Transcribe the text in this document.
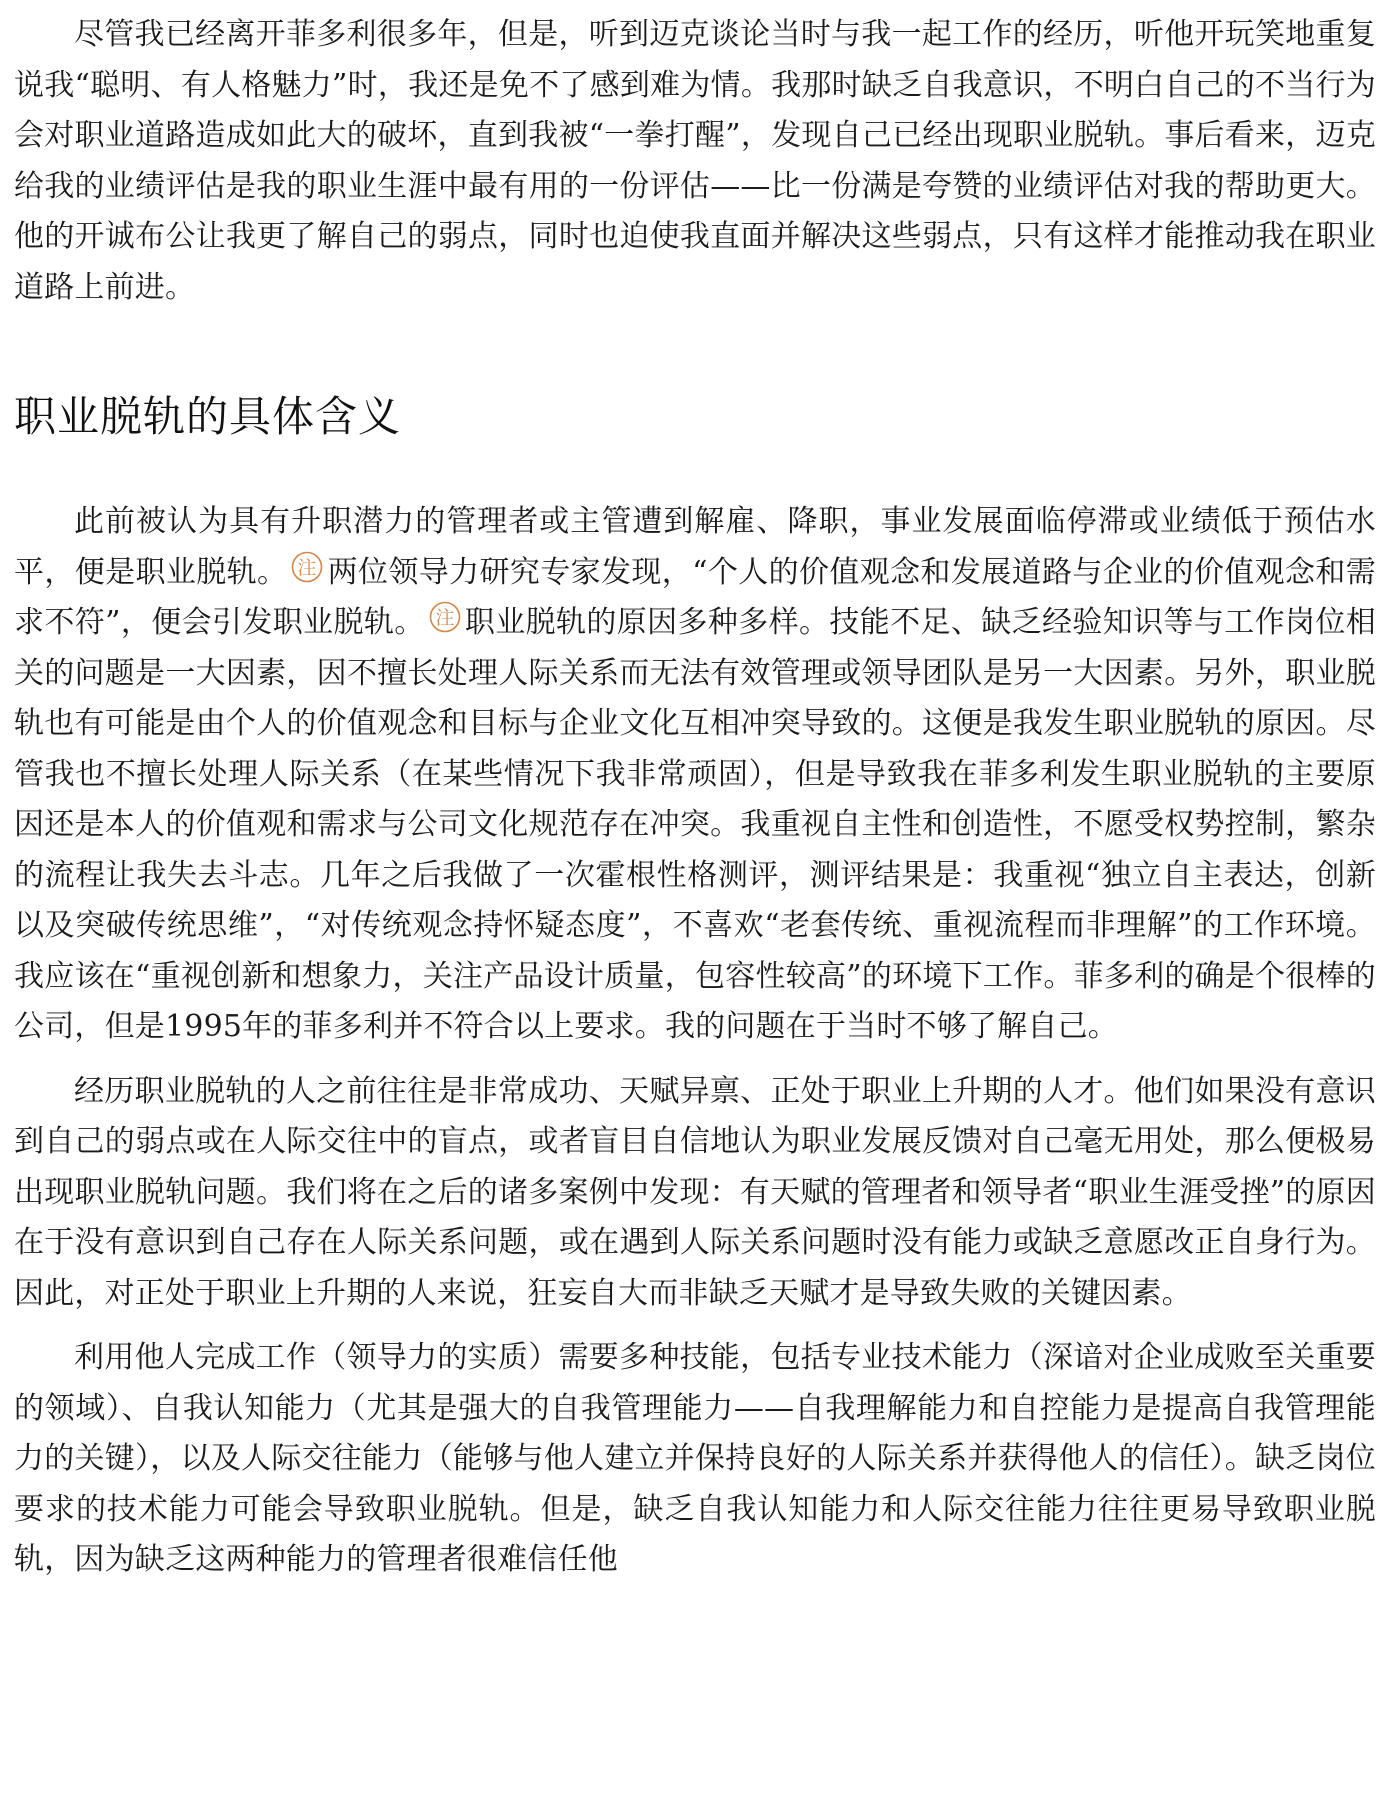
尽管我已经离开菲多利很多年，但是，听到迈克谈论当时与我一起工作的经历，听他开玩笑地重复说我“聪明、有人格魅力”时，我还是免不了感到难为情。我那时缺乏自我意识，不明白自己的不当行为会对职业道路造成如此大的破坏，直到我被“一拳打醒”，发现自己已经出现职业脱轨。事后看来，迈克给我的业绩评估是我的职业生涯中最有用的一份评估——比一份满是夸赞的业绩评估对我的帮助更大。他的开诚布公让我更了解自己的弱点，同时也迫使我直面并解决这些弱点，只有这样才能推动我在职业道路上前进。

职业脱轨的具体含义

此前被认为具有升职潜力的管理者或主管遭到解雇、降职，事业发展面临停滞或业绩低于预估水平，便是职业脱轨。 注 两位领导力研究专家发现，“个人的价值观念和发展道路与企业的价值观念和需求不符”，便会引发职业脱轨。 注 职业脱轨的原因多种多样。技能不足、缺乏经验知识等与工作岗位相关的问题是一大因素，因不擅长处理人际关系而无法有效管理或领导团队是另一大因素。另外，职业脱轨也有可能是由个人的价值观念和目标与企业文化互相冲突导致的。这便是我发生职业脱轨的原因。尽管我也不擅长处理人际关系（在某些情况下我非常顽固），但是导致我在菲多利发生职业脱轨的主要原因还是本人的价值观和需求与公司文化规范存在冲突。我重视自主性和创造性，不愿受权势控制，繁杂的流程让我失去斗志。几年之后我做了一次霍根性格测评，测评结果是：我重视“独立自主表达，创新以及突破传统思维”，“对传统观念持怀疑态度”，不喜欢“老套传统、重视流程而非理解”的工作环境。我应该在“重视创新和想象力，关注产品设计质量，包容性较高”的环境下工作。菲多利的确是个很棒的公司，但是1995年的菲多利并不符合以上要求。我的问题在于当时不够了解自己。

经历职业脱轨的人之前往往是非常成功、天赋异禀、正处于职业上升期的人才。他们如果没有意识到自己的弱点或在人际交往中的盲点，或者盲目自信地认为职业发展反馈对自己毫无用处，那么便极易出现职业脱轨问题。我们将在之后的诸多案例中发现：有天赋的管理者和领导者“职业生涯受挫”的原因在于没有意识到自己存在人际关系问题，或在遇到人际关系问题时没有能力或缺乏意愿改正自身行为。因此，对正处于职业上升期的人来说，狂妄自大而非缺乏天赋才是导致失败的关键因素。

利用他人完成工作（领导力的实质）需要多种技能，包括专业技术能力（深谙对企业成败至关重要的领域）、自我认知能力（尤其是强大的自我管理能力——自我理解能力和自控能力是提高自我管理能力的关键），以及人际交往能力（能够与他人建立并保持良好的人际关系并获得他人的信任）。缺乏岗位要求的技术能力可能会导致职业脱轨。但是，缺乏自我认知能力和人际交往能力往往更易导致职业脱轨，因为缺乏这两种能力的管理者很难信任他
